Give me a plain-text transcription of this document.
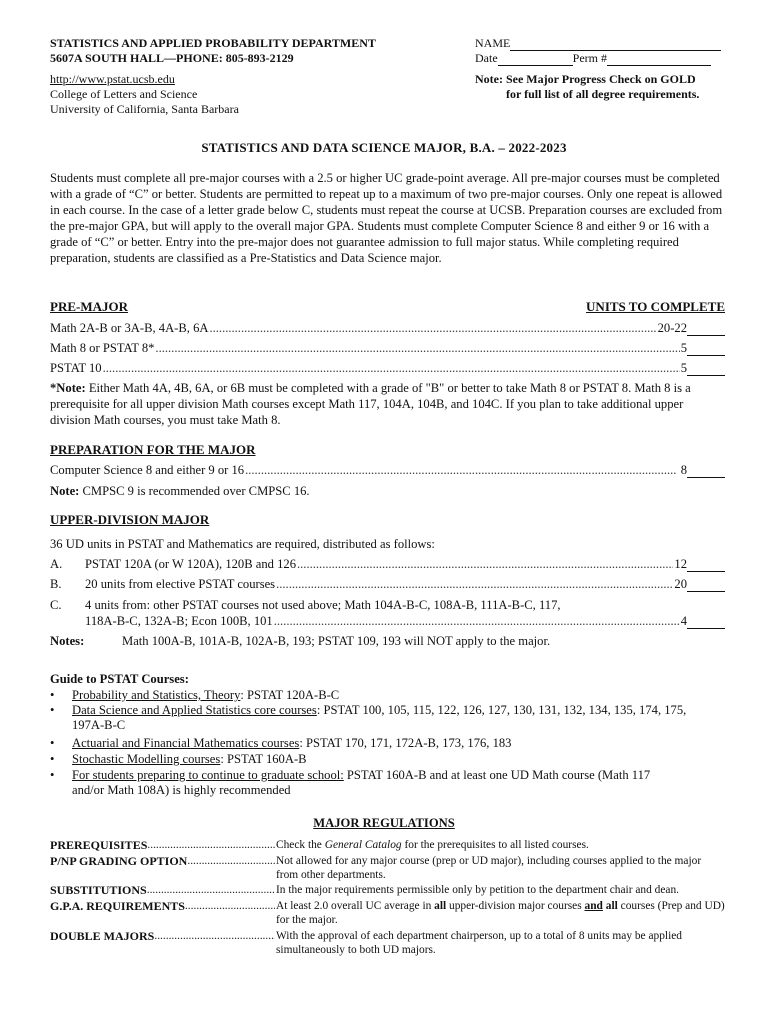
STATISTICS AND APPLIED PROBABILITY DEPARTMENT
5607A SOUTH HALL—PHONE: 805-893-2129
http://www.pstat.ucsb.edu
College of Letters and Science
University of California, Santa Barbara
NAME
Date	Perm #
Note: See Major Progress Check on GOLD
for full list of all degree requirements.
STATISTICS AND DATA SCIENCE MAJOR, B.A. – 2022-2023
Students must complete all pre-major courses with a 2.5 or higher UC grade-point average. All pre-major courses must be completed with a grade of “C” or better. Students are permitted to repeat up to a maximum of two pre-major courses. Only one repeat is allowed in each course. In the case of a letter grade below C, students must repeat the course at UCSB. Preparation courses are excluded from the pre-major GPA, but will apply to the overall major GPA. Students must complete Computer Science 8 and either 9 or 16 with a grade of “C” or better. Entry into the pre-major does not guarantee admission to full major status. While completing required preparation, students are classified as a Pre-Statistics and Data Science major.
PRE-MAJOR	UNITS TO COMPLETE
Math 2A-B or 3A-B, 4A-B, 6A .....	20-22
Math 8 or PSTAT 8* .....	5
PSTAT 10 .....	5
*Note: Either Math 4A, 4B, 6A, or 6B must be completed with a grade of "B" or better to take Math 8 or PSTAT 8. Math 8 is a prerequisite for all upper division Math courses except Math 117, 104A, 104B, and 104C. If you plan to take additional upper division Math courses, you must take Math 8.
PREPARATION FOR THE MAJOR
Computer Science 8 and either 9 or 16 .....	8
Note: CMPSC 9 is recommended over CMPSC 16.
UPPER-DIVISION MAJOR
36 UD units in PSTAT and Mathematics are required, distributed as follows:
A.	PSTAT 120A (or W 120A), 120B and 126 .....	12
B.	20 units from elective PSTAT courses .....	20
C.	4 units from: other PSTAT courses not used above; Math 104A-B-C, 108A-B, 111A-B-C, 117,
118A-B-C, 132A-B; Econ 100B, 101 .....	4
Notes:	Math 100A-B, 101A-B, 102A-B, 193; PSTAT 109, 193 will NOT apply to the major.
Guide to PSTAT Courses:
• Probability and Statistics, Theory: PSTAT 120A-B-C
• Data Science and Applied Statistics core courses: PSTAT 100, 105, 115, 122, 126, 127, 130, 131, 132, 134, 135, 174, 175, 197A-B-C
• Actuarial and Financial Mathematics courses: PSTAT 170, 171, 172A-B, 173, 176, 183
• Stochastic Modelling courses: PSTAT 160A-B
• For students preparing to continue to graduate school: PSTAT 160A-B and at least one UD Math course (Math 117 and/or Math 108A) is highly recommended
MAJOR REGULATIONS
PREREQUISITES .....	Check the General Catalog for the prerequisites to all listed courses.
P/NP GRADING OPTION .....	Not allowed for any major course (prep or UD major), including courses applied to the major from other departments.
SUBSTITUTIONS .....	In the major requirements permissible only by petition to the department chair and dean.
G.P.A. REQUIREMENTS .....	At least 2.0 overall UC average in all upper-division major courses and all courses (Prep and UD) for the major.
DOUBLE MAJORS .....	With the approval of each department chairperson, up to a total of 8 units may be applied simultaneously to both UD majors.
